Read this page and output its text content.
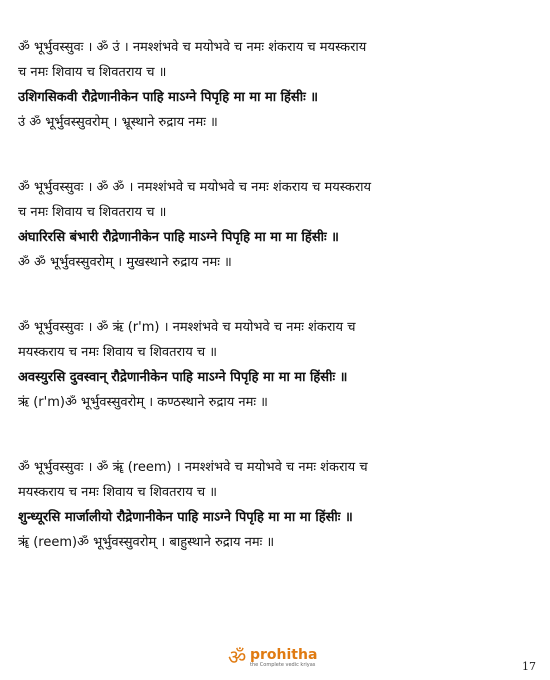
ॐ भूर्भुवस्सुवः । ॐ उं । नमश्शंभवे च मयोभवे च नमः शंकराय च मयस्कराय
च नमः शिवाय च शिवतराय च ॥
उशिगसिकवी रौद्रेणानीकेन पाहि माऽग्ने पिपृहि मा मा मा हिंसीः ॥
उं ॐ भूर्भुवस्सुवरोम् । भ्रूस्थाने रुद्राय नमः ॥
ॐ भूर्भुवस्सुवः । ॐ ॐ । नमश्शंभवे च मयोभवे च नमः शंकराय च मयस्कराय
च नमः शिवाय च शिवतराय च ॥
अंघारिरसि बंभारी रौद्रेणानीकेन पाहि माऽग्ने पिपृहि मा मा मा हिंसीः ॥
ॐ ॐ भूर्भुवस्सुवरोम् । मुखस्थाने रुद्राय नमः ॥
ॐ भूर्भुवस्सुवः । ॐ ऋं (r'm) । नमश्शंभवे च मयोभवे च नमः शंकराय च
मयस्कराय च नमः शिवाय च शिवतराय च ॥
अवस्युरसि दुवस्वान् रौद्रेणानीकेन पाहि माऽग्ने पिपृहि मा मा मा हिंसीः ॥
ऋं (r'm)ॐ भूर्भुवस्सुवरोम् । कण्ठस्थाने रुद्राय नमः ॥
ॐ भूर्भुवस्सुवः । ॐ ॠं (reem) । नमश्शंभवे च मयोभवे च नमः शंकराय च
मयस्कराय च नमः शिवाय च शिवतराय च ॥
शुन्ध्यूरसि मार्जालीयो रौद्रेणानीकेन पाहि माऽग्ने पिपृहि मा मा मा हिंसीः ॥
ॠं (reem)ॐ भूर्भुवस्सुवरोम् । बाहुस्थाने रुद्राय नमः ॥
ॐ prohitha
the Complete vedic kriyas	17
